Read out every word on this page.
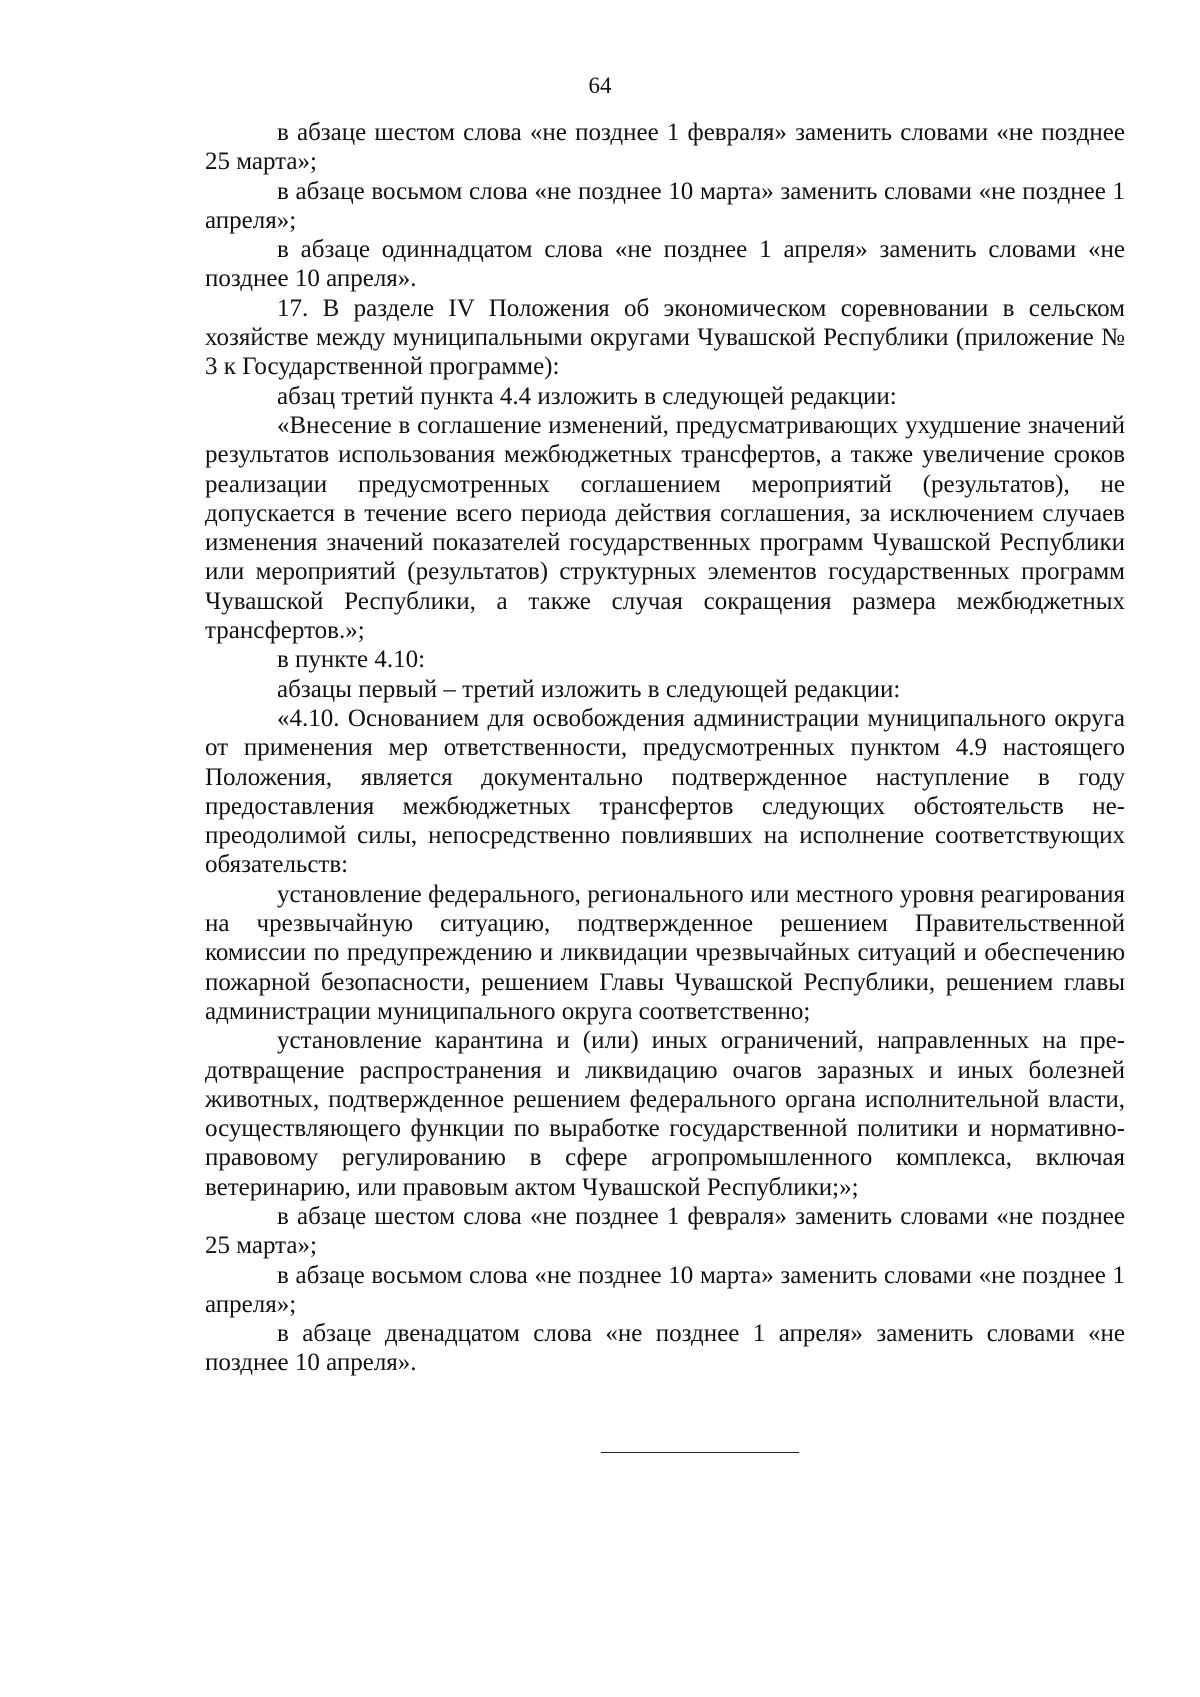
64

в абзаце шестом слова «не позднее 1 февраля» заменить словами «не позднее 25 марта»;

в абзаце восьмом слова «не позднее 10 марта» заменить словами «не позднее 1 апреля»;

в абзаце одиннадцатом слова «не позднее 1 апреля» заменить словами «не позднее 10 апреля».

17. В разделе IV Положения об экономическом соревновании в сельском хозяйстве между муниципальными округами Чувашской Республики (приложение № 3 к Государственной программе):

абзац третий пункта 4.4 изложить в следующей редакции:

«Внесение в соглашение изменений, предусматривающих ухудшение значений результатов использования межбюджетных трансфертов, а также увеличение сроков реализации предусмотренных соглашением мероприятий (результатов), не допускается в течение всего периода действия соглашения, за исключением случаев изменения значений показателей государственных программ Чувашской Республики или мероприятий (результатов) структурных элементов государственных программ Чувашской Республики, а также случая сокращения размера межбюджетных трансфертов.»;

в пункте 4.10:

абзацы первый – третий изложить в следующей редакции:

«4.10. Основанием для освобождения администрации муниципального округа от применения мер ответственности, предусмотренных пунктом 4.9 настоящего Положения, является документально подтвержденное наступление в году предоставления межбюджетных трансфертов следующих обстоятельств непреодолимой силы, непосредственно повлиявших на исполнение соответствующих обязательств:

установление федерального, регионального или местного уровня реагирования на чрезвычайную ситуацию, подтвержденное решением Правительственной комиссии по предупреждению и ликвидации чрезвычайных ситуаций и обеспечению пожарной безопасности, решением Главы Чувашской Республики, решением главы администрации муниципального округа соответственно;

установление карантина и (или) иных ограничений, направленных на предотвращение распространения и ликвидацию очагов заразных и иных болезней животных, подтвержденное решением федерального органа исполнительной власти, осуществляющего функции по выработке государственной политики и нормативно-правовому регулированию в сфере агропромышленного комплекса, включая ветеринарию, или правовым актом Чувашской Республики;»;

в абзаце шестом слова «не позднее 1 февраля» заменить словами «не позднее 25 марта»;

в абзаце восьмом слова «не позднее 10 марта» заменить словами «не позднее 1 апреля»;

в абзаце двенадцатом слова «не позднее 1 апреля» заменить словами «не позднее 10 апреля».
